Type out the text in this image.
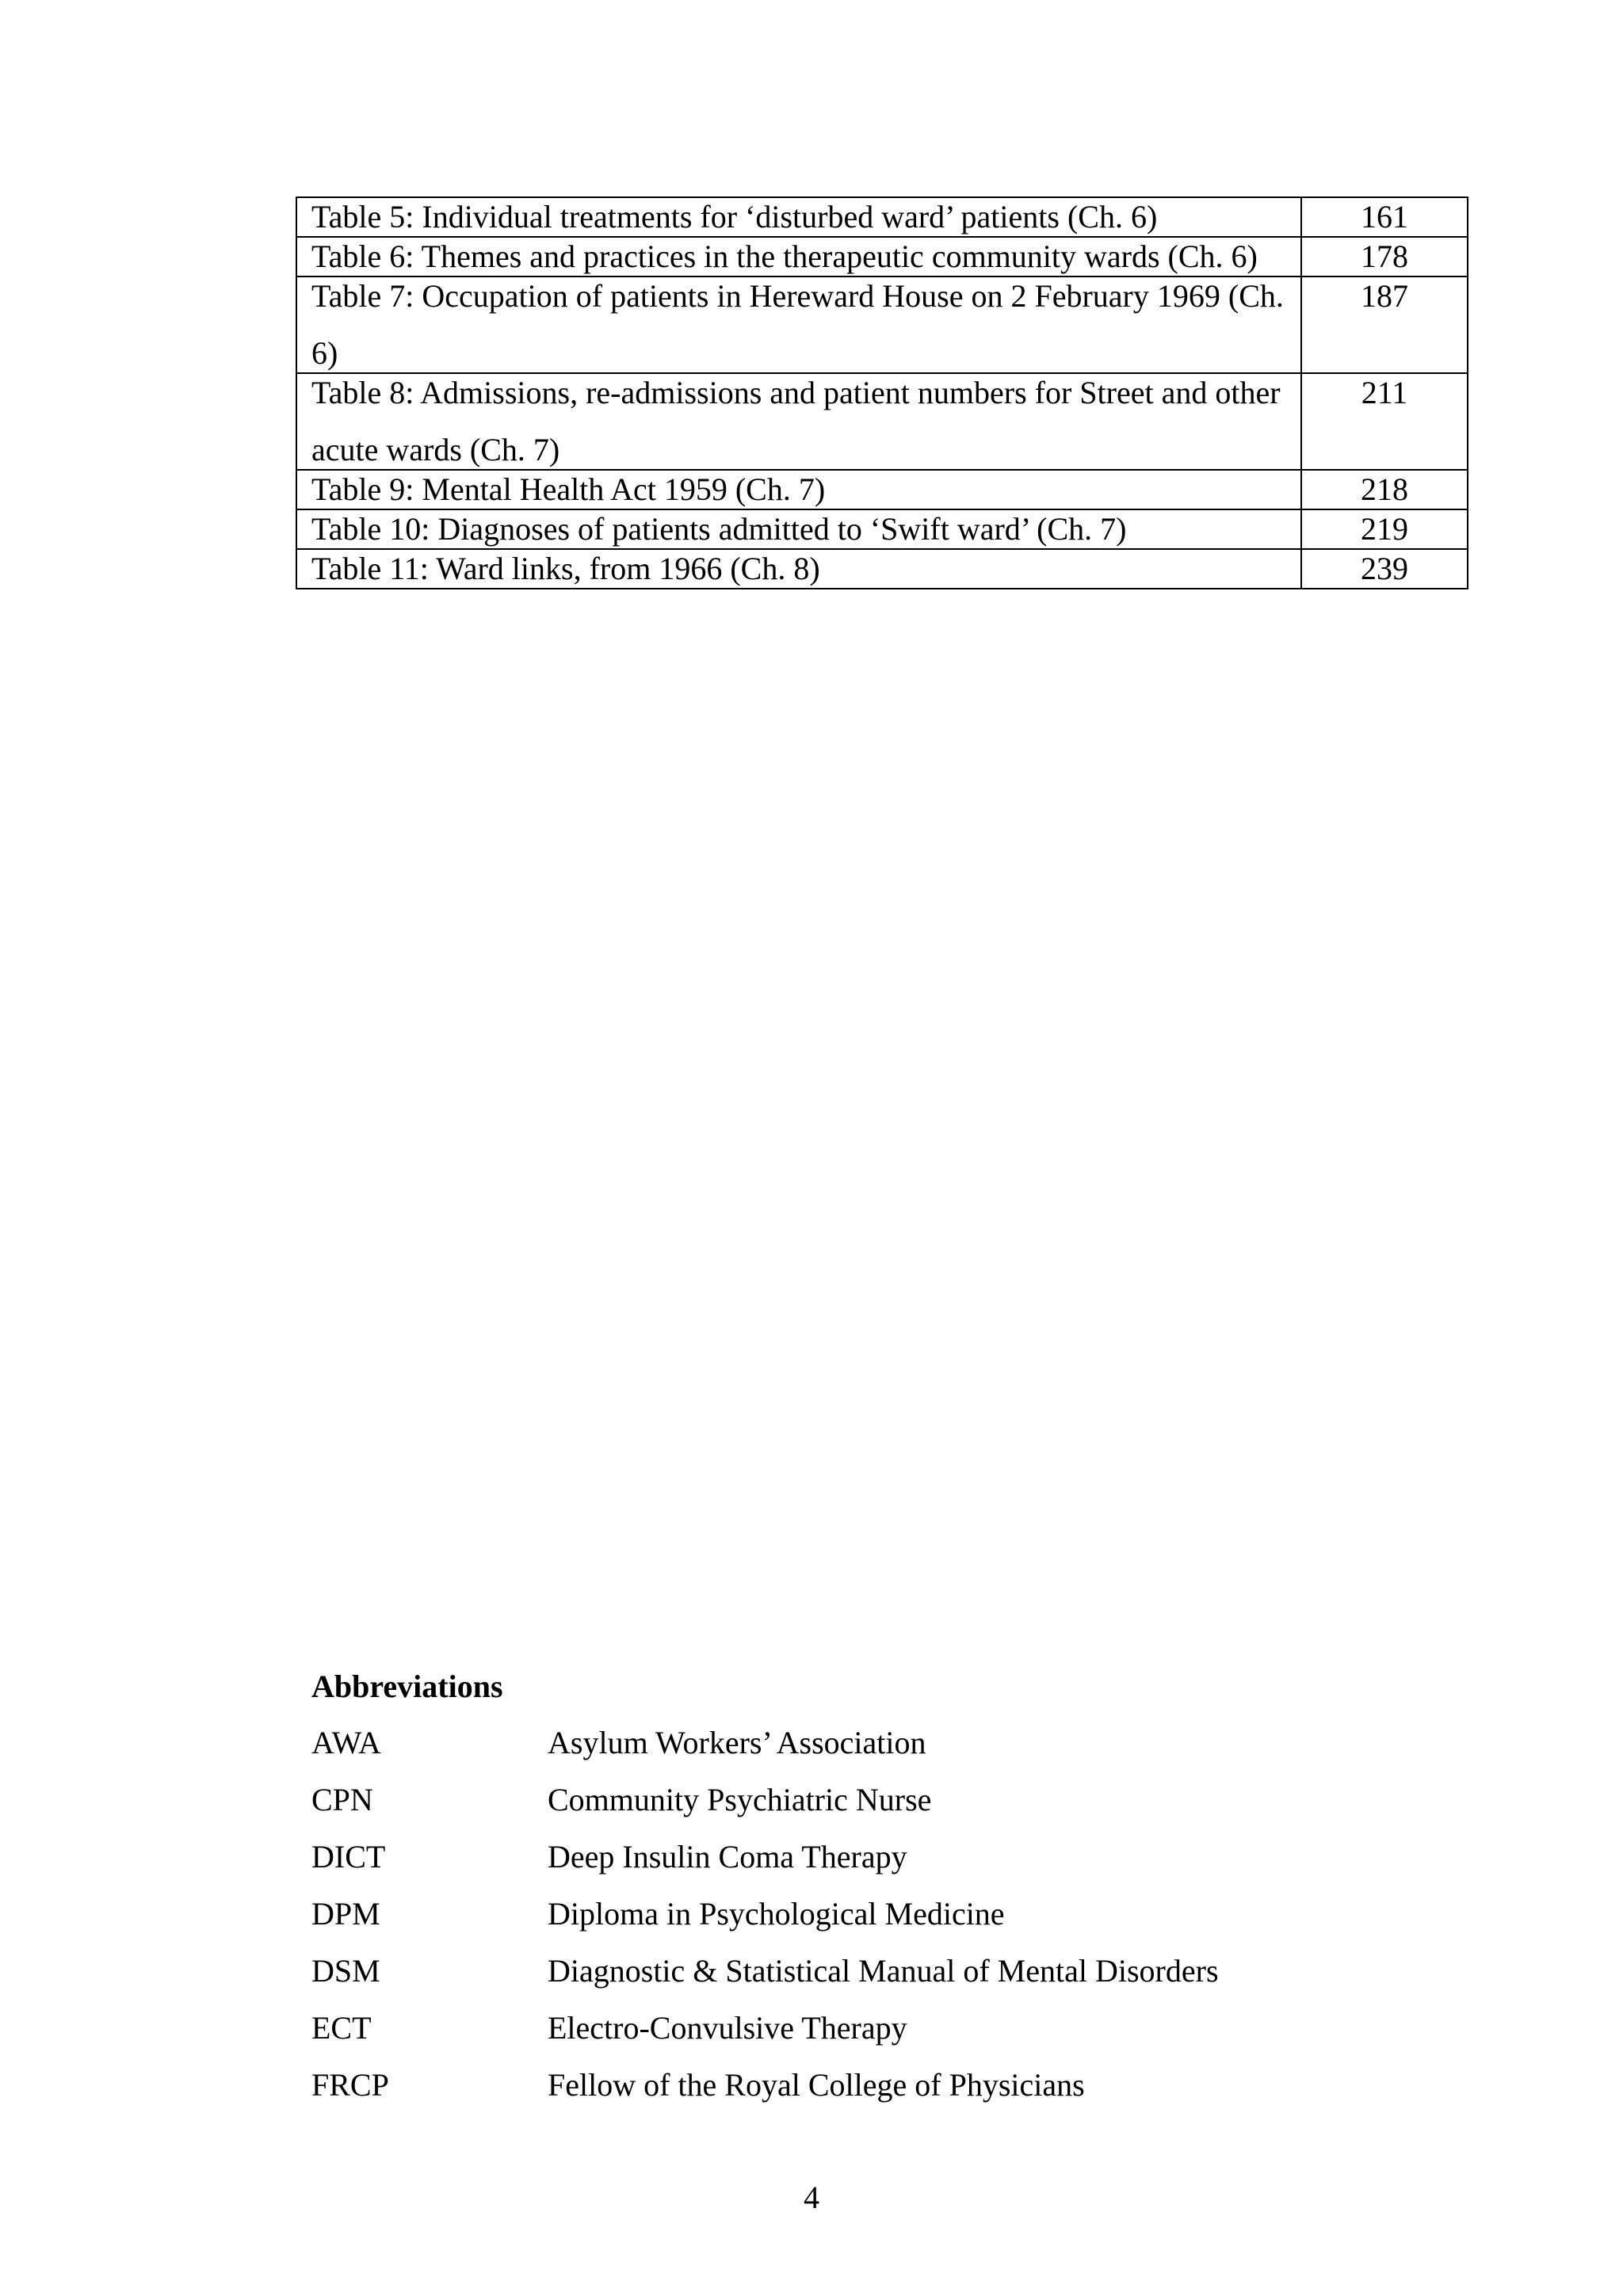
Table 5: Individual treatments for ‘disturbed ward’ patients (Ch. 6)	161

Table 6: Themes and practices in the therapeutic community wards (Ch. 6)	178

Table 7: Occupation of patients in Hereward House on 2 February 1969 (Ch. 6)	187

Table 8: Admissions, re-admissions and patient numbers for Street and other acute wards (Ch. 7)	211
Table 9: Mental Health Act 1959 (Ch. 7)	218
Table 10: Diagnoses of patients admitted to ‘Swift ward’ (Ch. 7)	219
Table 11: Ward links, from 1966 (Ch. 8)	239
Abbreviations
AWA	Asylum Workers’ Association
CPN	Community Psychiatric Nurse
DICT	Deep Insulin Coma Therapy
DPM	Diploma in Psychological Medicine
DSM	Diagnostic & Statistical Manual of Mental Disorders
ECT	Electro-Convulsive Therapy
FRCP	Fellow of the Royal College of Physicians
4
